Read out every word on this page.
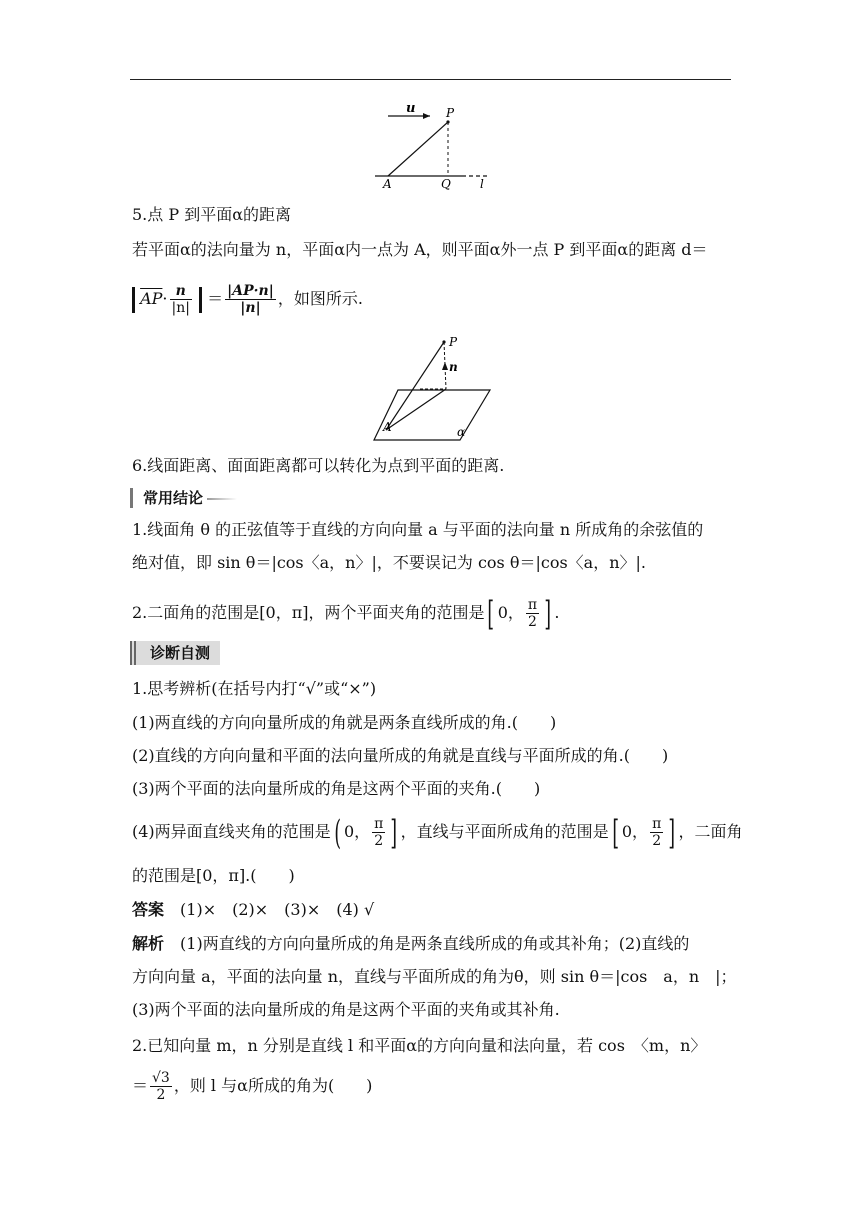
u	P
A	Q l
5.点 P 到平面α的距离
若平面α的法向量为 n，平面α内一点为 A，则平面α外一点 P 到平面α的距离 d＝
$\overline{AP}\cdot \frac{n}{|n|} = \frac{|AP\cdot n|}{|n|}$ ，如图所示.
P
n
A	α
6.线面距离、面面距离都可以转化为点到平面的距离.
常用结论
1.线面角 θ 的正弦值等于直线的方向向量 a 与平面的法向量 n 所成角的余弦值的
绝对值，即 sin θ＝|cos〈a，n〉|，不要误记为 cos θ＝|cos〈a，n〉|.
2.二面角的范围是[0，π]，两个平面夹角的范围是[ 0， $\frac{\pi}{2}$ ] .
诊断自测
1.思考辨析(在括号内打“√”或“×”)
(1)两直线的方向向量所成的角就是两条直线所成的角.(　　)
(2)直线的方向向量和平面的法向量所成的角就是直线与平面所成的角.(　　)
(3)两个平面的法向量所成的角是这两个平面的夹角.(　　)
(4)两异面直线夹角的范围是( 0， $\frac{\pi}{2}$ ] ，直线与平面所成角的范围是[ 0， $\frac{\pi}{2}$ ] ，二面角
的范围是[0，π].(　　)
答案　 (1)×　(2)×　(3)×　(4) √
解析　 (1)两直线的方向向量所成的角是两条直线所成的角或其补角；(2)直线的
方向向量 a，平面的法向量 n，直线与平面所成的角为θ，则 sin θ＝|cos　a，n　|；
(3)两个平面的法向量所成的角是这两个平面的夹角或其补角.
2.已知向量 m，n 分别是直线 l 和平面α的方向向量和法向量，若 cos　〈m，n〉
＝ $\frac{√3}{2}$ ，则 l 与α所成的角为(　　)
